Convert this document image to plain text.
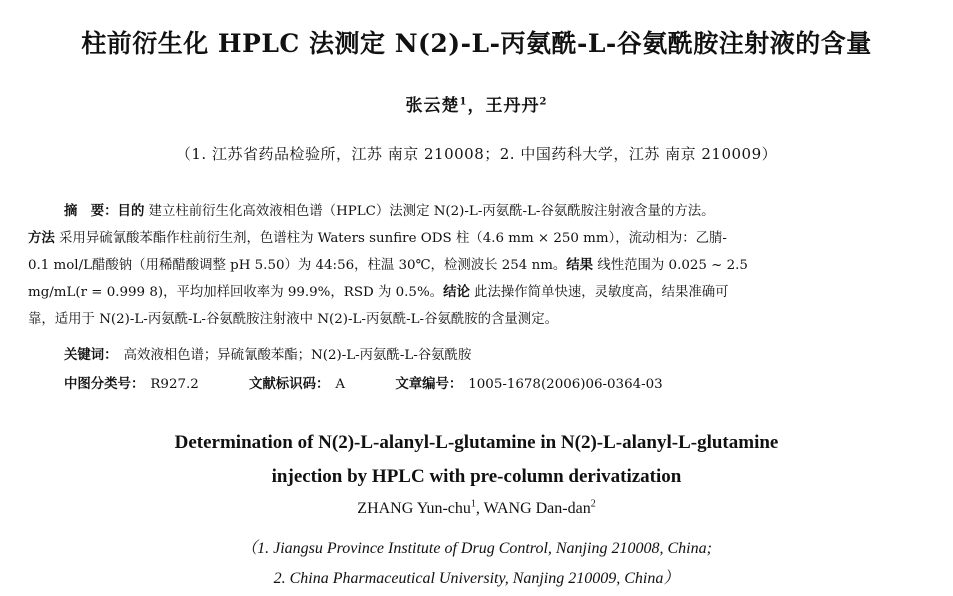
柱前衍生化 HPLC 法测定 N(2)-L-丙氨酰-L-谷氨酰胺注射液的含量
张云楚$^1$，王丹丹$^2$
（1. 江苏省药品检验所，江苏 南京 210008；2. 中国药科大学，江苏 南京 210009）
摘　要：目的 建立柱前衍生化高效液相色谱（HPLC）法测定 N(2)-L-丙氨酰-L-谷氨酰胺注射液含量的方法。
方法 采用异硫氰酸苯酯作柱前衍生剂，色谱柱为 Waters sunfire ODS 柱（4.6 mm × 250 mm），流动相为：乙腈-
0.1 mol/L醋酸钠（用稀醋酸调整 pH 5.50）为 44:56，柱温 30℃，检测波长 254 nm。结果 线性范围为 0.025 ~ 2.5
mg/mL(r = 0.999 8)，平均加样回收率为 99.9%，RSD 为 0.5%。结论 此法操作简单快速，灵敏度高，结果准确可
靠，适用于 N(2)-L-丙氨酰-L-谷氨酰胺注射液中 N(2)-L-丙氨酰-L-谷氨酰胺的含量测定。
关键词： 高效液相色谱；异硫氰酸苯酯；N(2)-L-丙氨酰-L-谷氨酰胺
中图分类号： R927.2	文献标识码： A	文章编号： 1005-1678(2006)06-0364-03
Determination of N(2)-L-alanyl-L-glutamine in N(2)-L-alanyl-L-glutamine
injection by HPLC with pre-column derivatization
ZHANG Yun-chu$^1$, WANG Dan-dan$^2$
（1. Jiangsu Province Institute of Drug Control, Nanjing 210008, China;
2. China Pharmaceutical University, Nanjing 210009, China）
